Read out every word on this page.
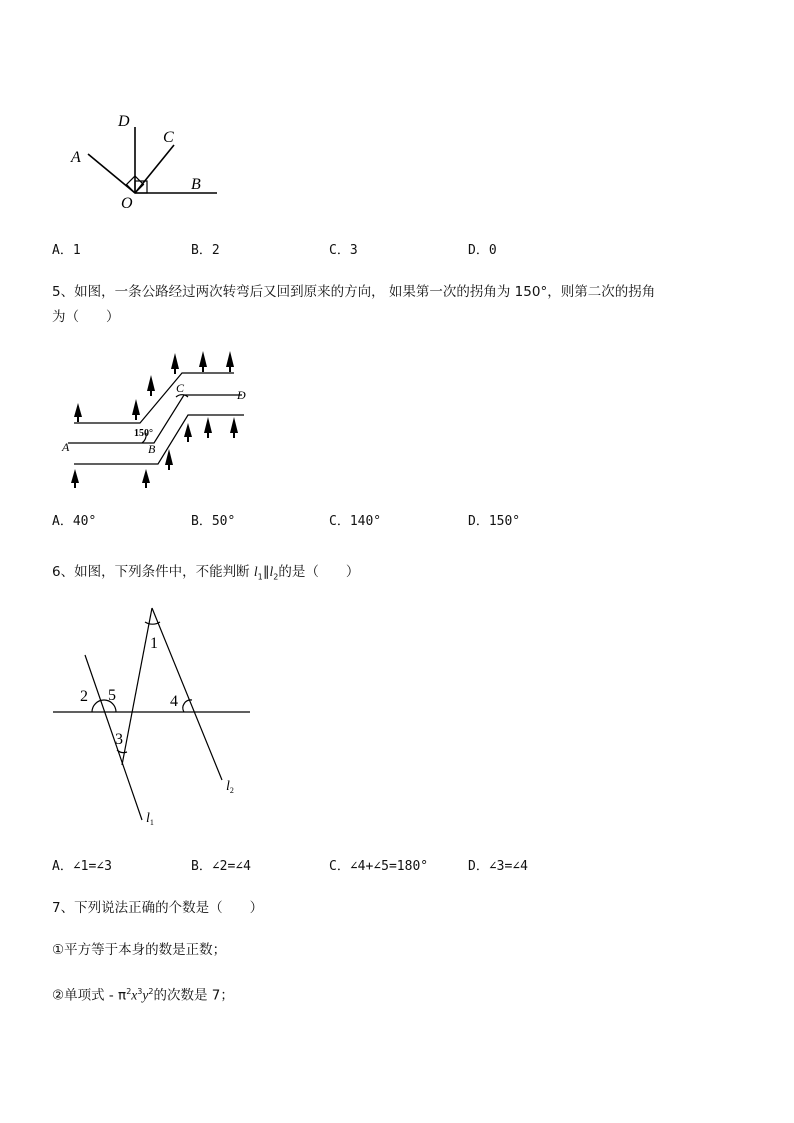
D
C
A
B
O
A．1	B．2	C．3	D．0
5、如图，一条公路经过两次转弯后又回到原来的方向， 如果第一次的拐角为 150°，则第二次的拐角
为（　　）
A	B
C	D
150°
A．40°	B．50°	C．140°	D．150°
6、如图，下列条件中，不能判断 $l_1\parallel l_2$的是（　　）
1
2 5
3
4
$l_2$
$l_1$
A．∠1=∠3	B．∠2=∠4	C．∠4+∠5=180°	D．∠3=∠4
7、下列说法正确的个数是（　　）
①平方等于本身的数是正数；
②单项式 - $\pi^2x^3y^2$的次数是 7；
